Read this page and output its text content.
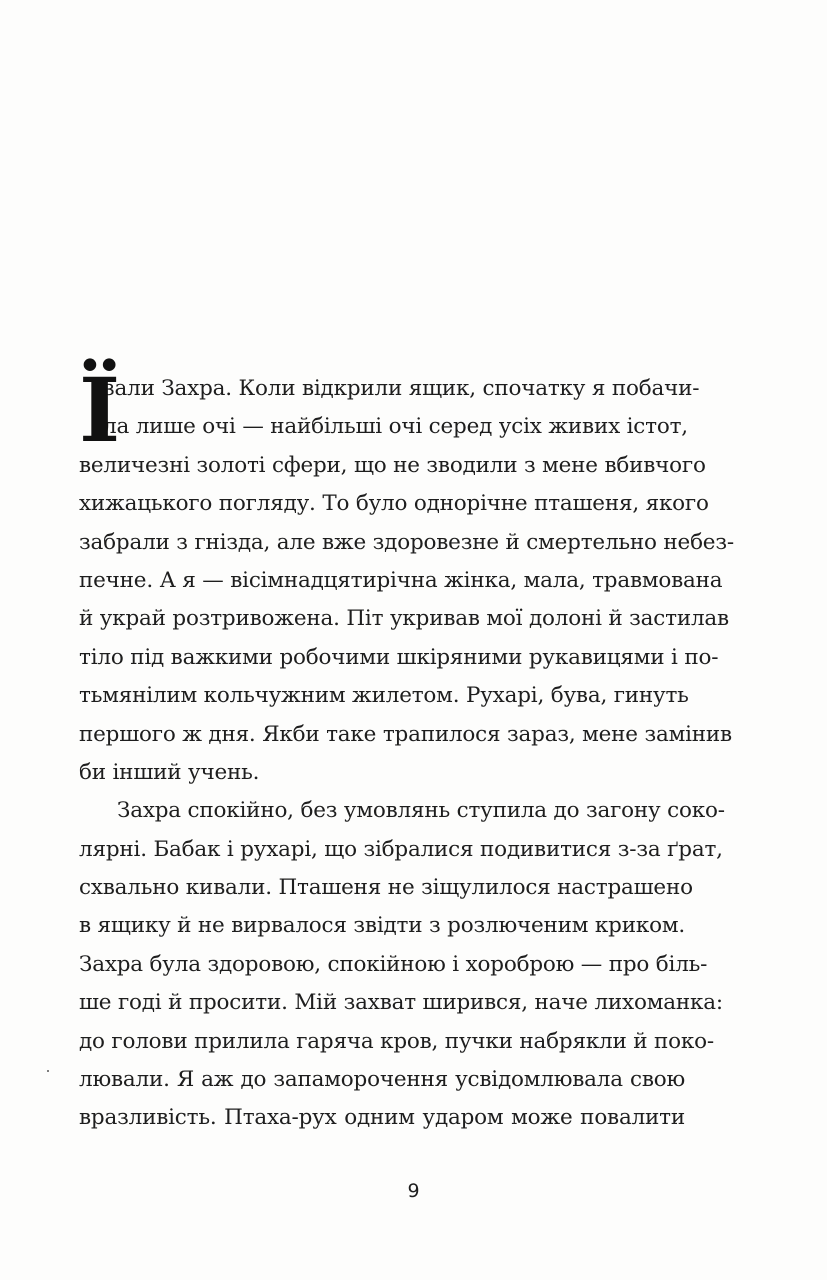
Ї
зали Захра. Коли відкрили ящик, спочатку я побачи-
ла лише очі — найбільші очі серед усіх живих істот,
величезні золоті сфери, що не зводили з мене вбивчого
хижацького погляду. То було однорічне пташеня, якого
забрали з гнізда, але вже здоровезне й смертельно небез-
печне. А я — вісімнадцятирічна жінка, мала, травмована
й украй розтривожена. Піт укривав мої долоні й застилав
тіло під важкими робочими шкіряними рукавицями і по-
тьмянілим кольчужним жилетом. Рухарі, бува, гинуть
першого ж дня. Якби таке трапилося зараз, мене замінив
би інший учень.
Захра спокійно, без умовлянь ступила до загону соко-
лярні. Бабак і рухарі, що зібралися подивитися з-за ґрат,
схвально кивали. Пташеня не зіщулилося настрашено
в ящику й не вирвалося звідти з розлюченим криком.
Захра була здоровою, спокійною і хороброю — про біль-
ше годі й просити. Мій захват ширився, наче лихоманка:
до голови прилила гаряча кров, пучки набрякли й поко-
лювали. Я аж до запаморочення усвідомлювала свою
вразливість. Птаха-рух одним ударом може повалити
9
